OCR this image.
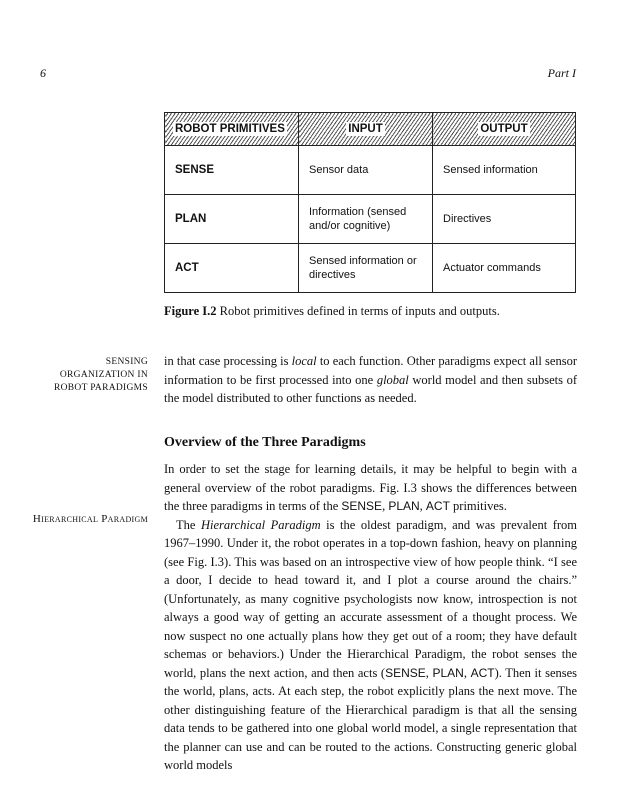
6	Part I
ROBOT PRIMITIVES	INPUT	OUTPUT
SENSE	Sensor data	Sensed information
PLAN	Information (sensed and/or cognitive)	Directives
ACT	Sensed information or directives	Actuator commands
Figure I.2 Robot primitives defined in terms of inputs and outputs.
SENSING ORGANIZATION IN ROBOT PARADIGMS
in that case processing is local to each function. Other paradigms expect all sensor information to be first processed into one global world model and then subsets of the model distributed to other functions as needed.
Overview of the Three Paradigms
Hierarchical Paradigm
In order to set the stage for learning details, it may be helpful to begin with a general overview of the robot paradigms. Fig. I.3 shows the differences between the three paradigms in terms of the SENSE, PLAN, ACT primitives.
The Hierarchical Paradigm is the oldest paradigm, and was prevalent from 1967–1990. Under it, the robot operates in a top-down fashion, heavy on planning (see Fig. I.3). This was based on an introspective view of how people think. “I see a door, I decide to head toward it, and I plot a course around the chairs.” (Unfortunately, as many cognitive psychologists now know, introspection is not always a good way of getting an accurate assessment of a thought process. We now suspect no one actually plans how they get out of a room; they have default schemas or behaviors.) Under the Hierarchical Paradigm, the robot senses the world, plans the next action, and then acts (SENSE, PLAN, ACT). Then it senses the world, plans, acts. At each step, the robot explicitly plans the next move. The other distinguishing feature of the Hierarchical paradigm is that all the sensing data tends to be gathered into one global world model, a single representation that the planner can use and can be routed to the actions. Constructing generic global world models
